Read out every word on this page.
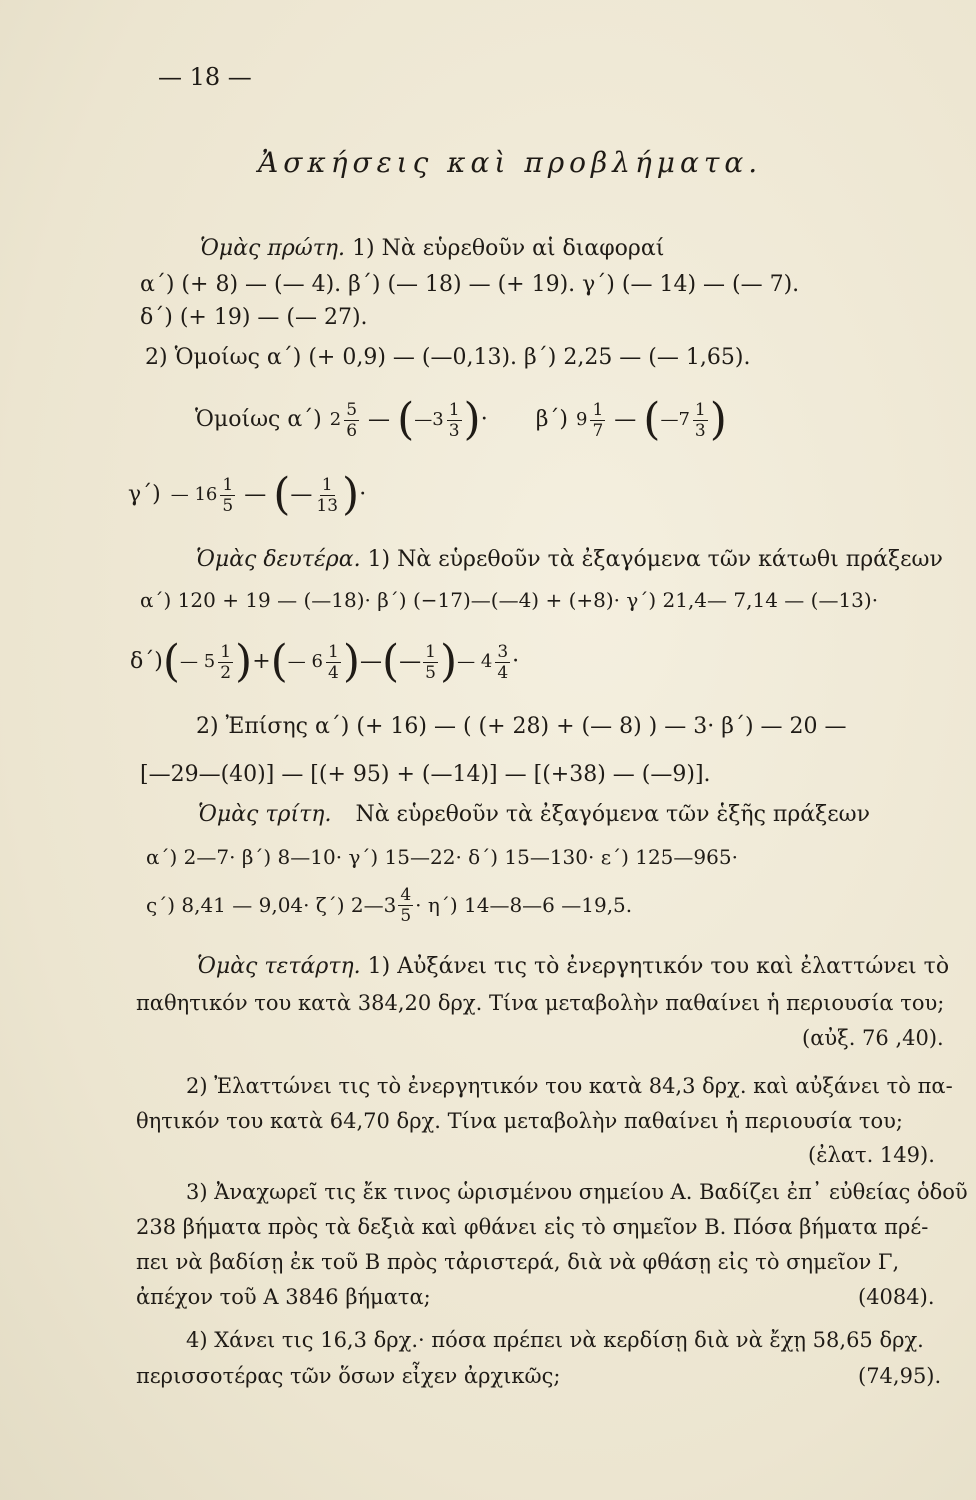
— 18 —
Ἀσκήσεις καὶ προβλήματα.
Ὁμὰς πρώτη. 1) Νὰ εὑρεθοῦν αἱ διαφοραί
α΄) (+ 8) — (— 4). β΄) (— 18) — (+ 19). γ΄) (— 14) — (— 7).
δ΄) (+ 19) — (— 27).
2) Ὁμοίως α΄) (+ 0,9) — (—0,13). β΄) 2,25 — (— 1,65).
Ὁμοίως α΄) $2 \frac{5}{6}$ — ( —3 $\frac{1}{3}$ ) · β΄) $9 \frac{1}{7}$ — ( —7 $\frac{1}{3}$ )
γ΄) — $16 \frac{1}{5}$ — ( — $\frac{1}{13}$ ) ·
Ὁμὰς δευτέρα. 1) Νὰ εὑρεθοῦν τὰ ἐξαγόμενα τῶν κάτωθι πράξεων
α΄) 120 + 19 — (—18)· β΄) (−17)—(—4) + (+8)· γ΄) 21,4— 7,14 — (—13)·
δ΄) ( — $5 \frac{1}{2}$ ) + ( — $6 \frac{1}{4}$ ) — ( — $\frac{1}{5}$ ) — $4 \frac{3}{4}$ ·
2) Ἐπίσης α΄) (+ 16) — ( (+ 28) + (— 8) ) — 3· β΄) — 20 —
[—29—(40)] — [(+ 95) + (—14)] — [(+38) — (—9)].
Ὁμὰς τρίτη. Νὰ εὑρεθοῦν τὰ ἐξαγόμενα τῶν ἑξῆς πράξεων
α΄) 2—7· β΄) 8—10· γ΄) 15—22· δ΄) 15—130· ε΄) 125—965·
ς΄) 8,41 — 9,04· ζ΄) 2—3 $\frac{4}{5} \cdot \eta΄$) 14—8—6 —19,5.
Ὁμὰς τετάρτη. 1) Αὐξάνει τις τὸ ἐνεργητικόν του καὶ ἐλαττώνει τὸ
παθητικόν του κατὰ 384,20 δρχ. Τίνα μεταβολὴν παθαίνει ἡ περιουσία του;
(αὐξ. 76 ,40).
2) Ἐλαττώνει τις τὸ ἐνεργητικόν του κατὰ 84,3 δρχ. καὶ αὐξάνει τὸ πα-
θητικόν του κατὰ 64,70 δρχ. Τίνα μεταβολὴν παθαίνει ἡ περιουσία του;
(ἐλατ. 149).
3) Ἀναχωρεῖ τις ἔκ τινος ὡρισμένου σημείου Α. Βαδίζει ἐπ᾽ εὐθείας ὁδοῦ
238 βήματα πρὸς τὰ δεξιὰ καὶ φθάνει εἰς τὸ σημεῖον Β. Πόσα βήματα πρέ-
πει νὰ βαδίσῃ ἐκ τοῦ Β πρὸς τἀριστερά, διὰ νὰ φθάσῃ εἰς τὸ σημεῖον Γ,
ἀπέχον τοῦ Α 3846 βήματα;	(4084).
4) Χάνει τις 16,3 δρχ.· πόσα πρέπει νὰ κερδίσῃ διὰ νὰ ἔχῃ 58,65 δρχ.
περισσοτέρας τῶν ὅσων εἶχεν ἀρχικῶς;	(74,95).
